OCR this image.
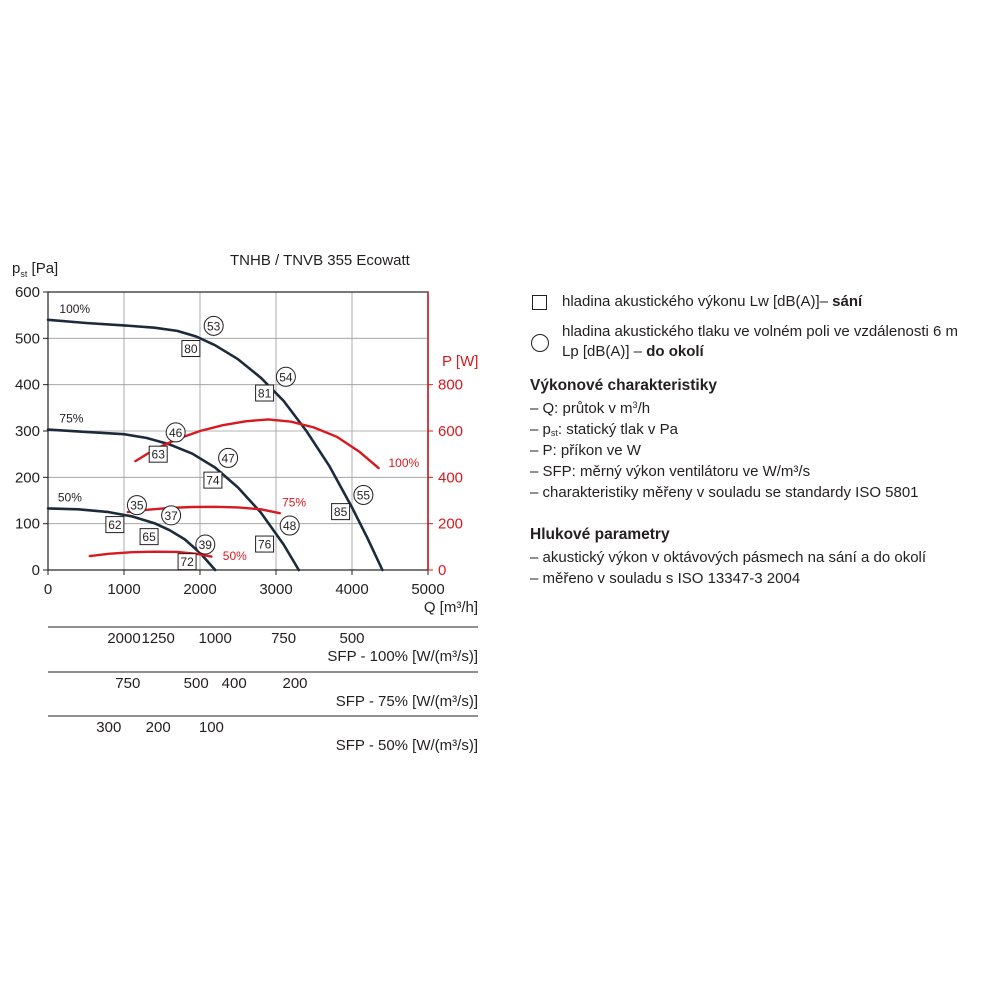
80
81
85
63
74
76
62
65
72
53
54
55
46
47
48
35
37
39
0	1000	2000	3000	4000	5000
0
100
200
300
400
500
600
0
200
400
600
800
TNHB / TNVB 355 Ecowatt
$p_{st}$ [Pa]
P [W]
Q [m³/h]
100%
75%
50%
100%
75%
50%
2000 1250 1000	750	500
SFP - 100% [W/(m³/s)]
750	500 400 200
SFP - 75% [W/(m³/s)]
300 200 100
SFP - 50% [W/(m³/s)]
hladina akustického výkonu Lw [dB(A)]– sání
hladina akustického tlaku ve volném poli ve vzdálenosti 6 m
Lp [dB(A)] – do okolí
Výkonové charakteristiky
– Q: průtok v $m^3/h$
– $p_{st}$: statický tlak v Pa
– P: příkon ve W
– SFP: měrný výkon ventilátoru ve W/m³/s
– charakteristiky měřeny v souladu se standardy ISO 5801
Hlukové parametry
– akustický výkon v oktávových pásmech na sání a do okolí
– měřeno v souladu s ISO 13347-3 2004
